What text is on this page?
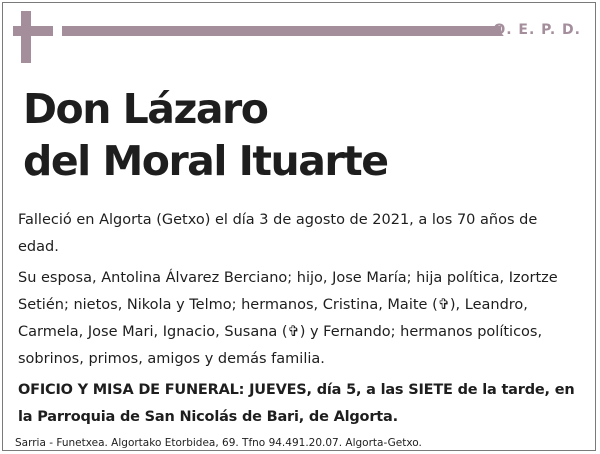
Q. E. P. D.
Don Lázaro
del Moral Ituarte

Falleció en Algorta (Getxo) el día 3 de agosto de 2021, a los 70 años de edad.

Su esposa, Antolina Álvarez Berciano; hijo, Jose María; hija política, Izortze Setién; nietos, Nikola y Telmo; hermanos, Cristina, Maite (✞), Leandro, Carmela, Jose Mari, Ignacio, Susana (✞) y Fernando; hermanos políticos, sobrinos, primos, amigos y demás familia.

OFICIO Y MISA DE FUNERAL: JUEVES, día 5, a las SIETE de la tarde, en la Parroquia de San Nicolás de Bari, de Algorta.

Sarria - Funetxea. Algortako Etorbidea, 69. Tfno 94.491.20.07. Algorta-Getxo.
